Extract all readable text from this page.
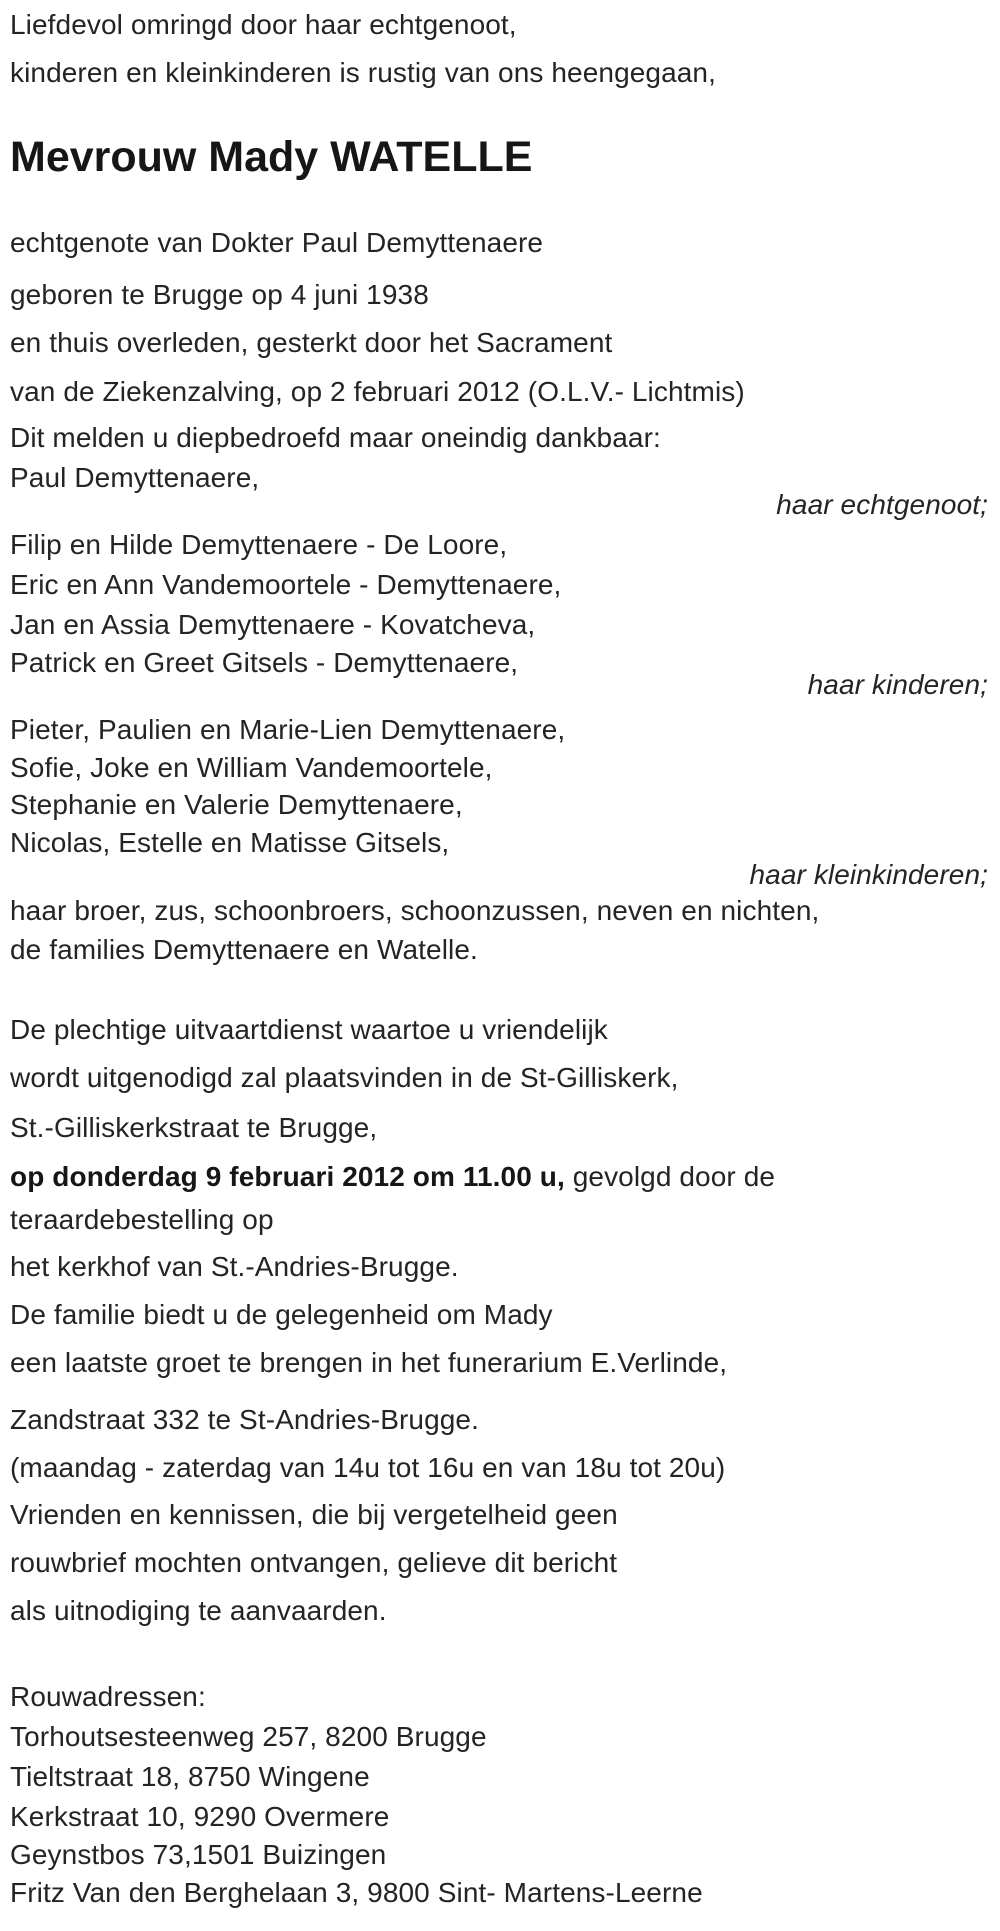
Liefdevol omringd door haar echtgenoot,
kinderen en kleinkinderen is rustig van ons heengegaan,
Mevrouw Mady WATELLE
echtgenote van Dokter Paul Demyttenaere
geboren te Brugge op 4 juni 1938
en thuis overleden, gesterkt door het Sacrament
van de Ziekenzalving, op 2 februari 2012 (O.L.V.- Lichtmis)
Dit melden u diepbedroefd maar oneindig dankbaar:
Paul Demyttenaere,
haar echtgenoot;
Filip en Hilde Demyttenaere - De Loore,
Eric en Ann Vandemoortele - Demyttenaere,
Jan en Assia Demyttenaere - Kovatcheva,
Patrick en Greet Gitsels - Demyttenaere,
haar kinderen;
Pieter, Paulien en Marie-Lien Demyttenaere,
Sofie, Joke en William Vandemoortele,
Stephanie en Valerie Demyttenaere,
Nicolas, Estelle en Matisse Gitsels,
haar kleinkinderen;
haar broer, zus, schoonbroers, schoonzussen, neven en nichten,
de families Demyttenaere en Watelle.
De plechtige uitvaartdienst waartoe u vriendelijk
wordt uitgenodigd zal plaatsvinden in de St-Gilliskerk,
St.-Gilliskerkstraat te Brugge,
op donderdag 9 februari 2012 om 11.00 u, gevolgd door de
teraardebestelling op
het kerkhof van St.-Andries-Brugge.
De familie biedt u de gelegenheid om Mady
een laatste groet te brengen in het funerarium E.Verlinde,
Zandstraat 332 te St-Andries-Brugge.
(maandag - zaterdag van 14u tot 16u en van 18u tot 20u)
Vrienden en kennissen, die bij vergetelheid geen
rouwbrief mochten ontvangen, gelieve dit bericht
als uitnodiging te aanvaarden.
Rouwadressen:
Torhoutsesteenweg 257, 8200 Brugge
Tieltstraat 18, 8750 Wingene
Kerkstraat 10, 9290 Overmere
Geynstbos 73,1501 Buizingen
Fritz Van den Berghelaan 3, 9800 Sint- Martens-Leerne
